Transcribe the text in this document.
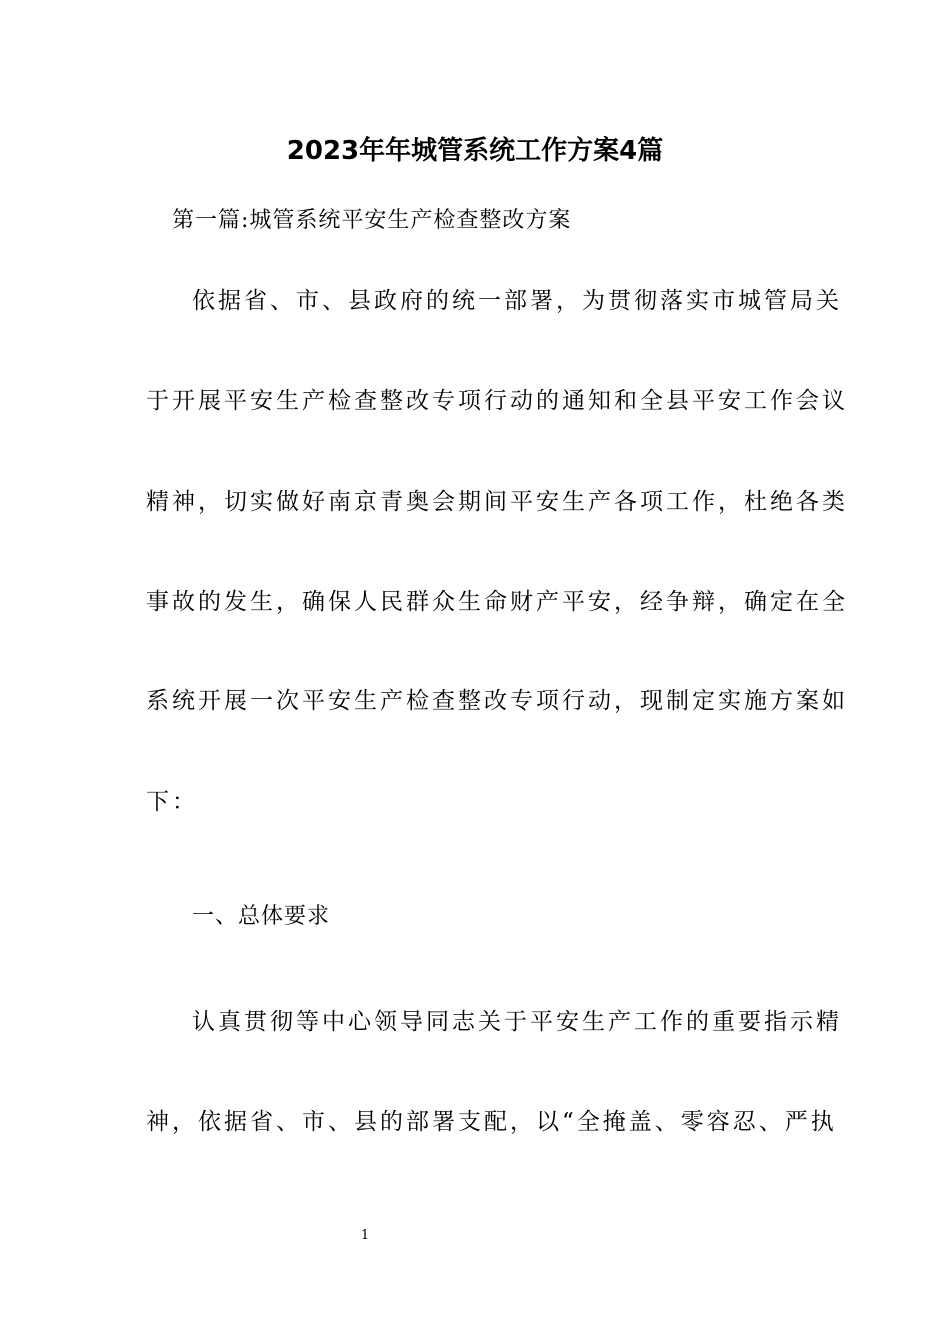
2023年年城管系统工作方案4篇
第一篇:城管系统平安生产检查整改方案
依据省、市、县政府的统一部署，为贯彻落实市城管局关
于开展平安生产检查整改专项行动的通知和全县平安工作会议
精神，切实做好南京青奥会期间平安生产各项工作，杜绝各类
事故的发生，确保人民群众生命财产平安，经争辩，确定在全
系统开展一次平安生产检查整改专项行动，现制定实施方案如
下：
一、总体要求
认真贯彻等中心领导同志关于平安生产工作的重要指示精
神，依据省、市、县的部署支配，以“全掩盖、零容忍、严执
1
